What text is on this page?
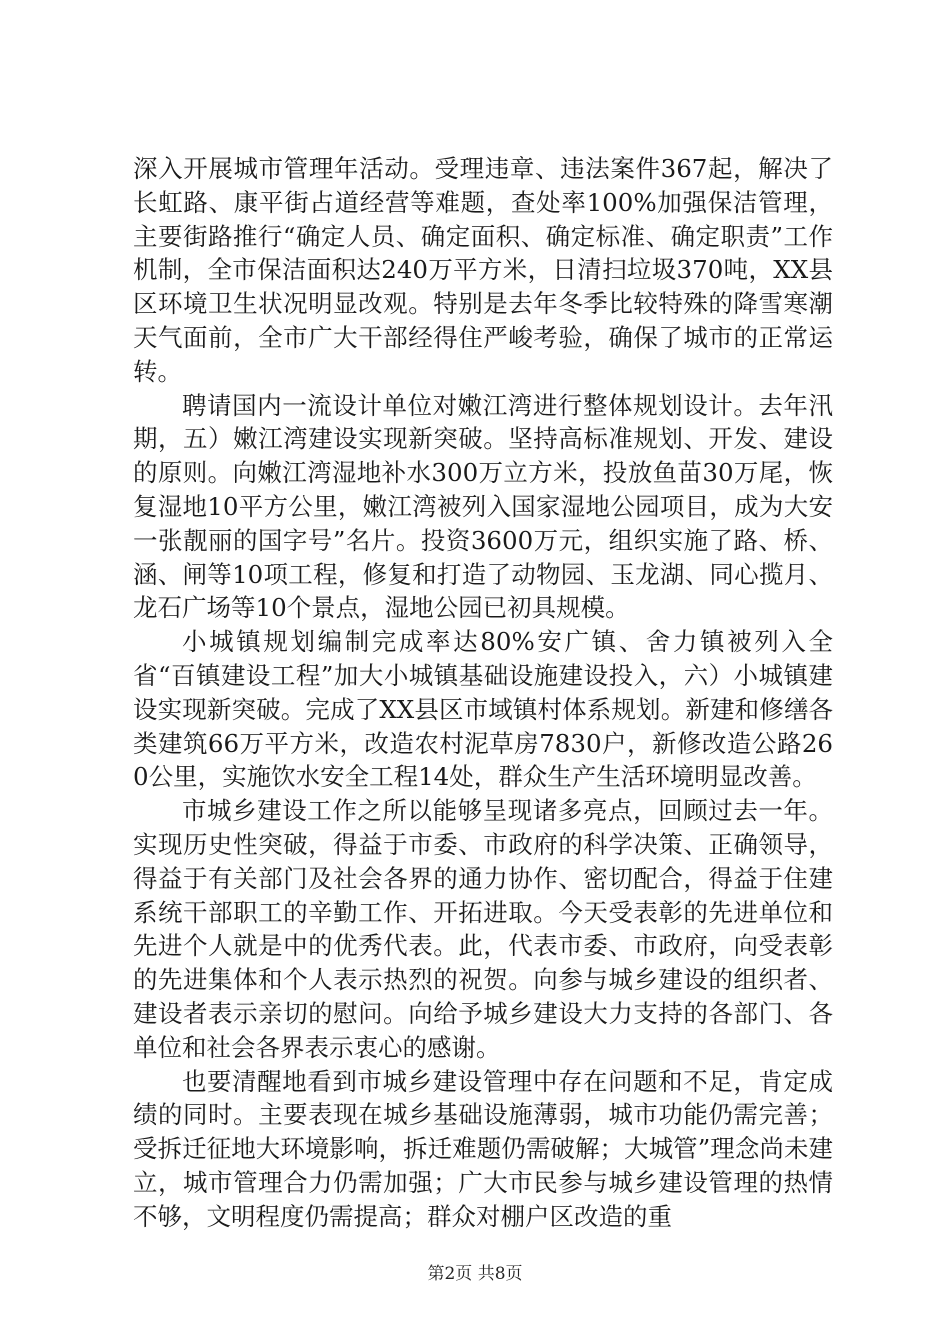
深入开展城市管理年活动。受理违章、违法案件367起，解决了长虹路、康平街占道经营等难题，查处率100%加强保洁管理，主要街路推行“确定人员、确定面积、确定标准、确定职责”工作机制，全市保洁面积达240万平方米，日清扫垃圾370吨，XX县区环境卫生状况明显改观。特别是去年冬季比较特殊的降雪寒潮天气面前，全市广大干部经得住严峻考验，确保了城市的正常运转。

聘请国内一流设计单位对嫩江湾进行整体规划设计。去年汛期，五）嫩江湾建设实现新突破。坚持高标准规划、开发、建设的原则。向嫩江湾湿地补水300万立方米，投放鱼苗30万尾，恢复湿地10平方公里，嫩江湾被列入国家湿地公园项目，成为大安一张靓丽的国字号”名片。投资3600万元，组织实施了路、桥、涵、闸等10项工程，修复和打造了动物园、玉龙湖、同心揽月、龙石广场等10个景点，湿地公园已初具规模。

小城镇规划编制完成率达80%安广镇、舍力镇被列入全省“百镇建设工程”加大小城镇基础设施建设投入，六）小城镇建设实现新突破。完成了XX县区市域镇村体系规划。新建和修缮各类建筑66万平方米，改造农村泥草房7830户，新修改造公路260公里，实施饮水安全工程14处，群众生产生活环境明显改善。

市城乡建设工作之所以能够呈现诸多亮点，回顾过去一年。实现历史性突破，得益于市委、市政府的科学决策、正确领导，得益于有关部门及社会各界的通力协作、密切配合，得益于住建系统干部职工的辛勤工作、开拓进取。今天受表彰的先进单位和先进个人就是中的优秀代表。此，代表市委、市政府，向受表彰的先进集体和个人表示热烈的祝贺。向参与城乡建设的组织者、建设者表示亲切的慰问。向给予城乡建设大力支持的各部门、各单位和社会各界表示衷心的感谢。

也要清醒地看到市城乡建设管理中存在问题和不足，肯定成绩的同时。主要表现在城乡基础设施薄弱，城市功能仍需完善；受拆迁征地大环境影响，拆迁难题仍需破解；大城管”理念尚未建立，城市管理合力仍需加强；广大市民参与城乡建设管理的热情不够，文明程度仍需提高；群众对棚户区改造的重

第2页 共8页
